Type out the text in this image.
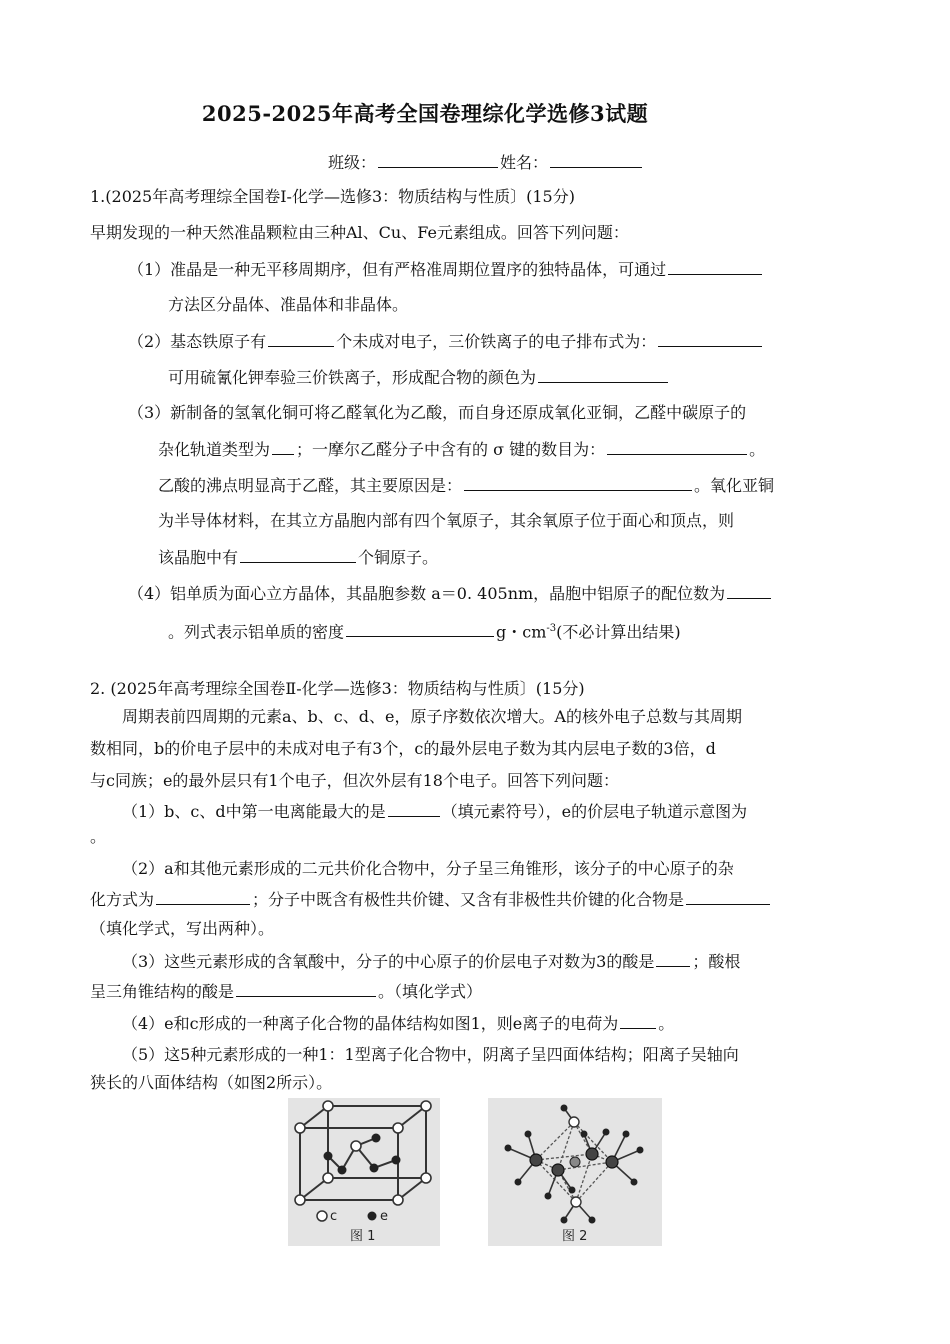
2025-2025年高考全国卷理综化学选修3试题
班级：	姓名：
1.(2025年高考理综全国卷Ⅰ-化学—选修3：物质结构与性质〕(15分)
早期发现的一种天然准晶颗粒由三种Al、Cu、Fe元素组成。回答下列问题：
（1）准晶是一种无平移周期序，但有严格准周期位置序的独特晶体，可通过
方法区分晶体、准晶体和非晶体。
（2）基态铁原子有	个未成对电子，三价铁离子的电子排布式为：
可用硫氰化钾奉验三价铁离子，形成配合物的颜色为
（3）新制备的氢氧化铜可将乙醛氧化为乙酸，而自身还原成氧化亚铜，乙醛中碳原子的
杂化轨道类型为 ；一摩尔乙醛分子中含有的 σ 键的数目为：	。
乙酸的沸点明显高于乙醛，其主要原因是：	。氧化亚铜
为半导体材料，在其立方晶胞内部有四个氧原子，其余氧原子位于面心和顶点，则
该晶胞中有	个铜原子。
（4）铝单质为面心立方晶体，其晶胞参数 a＝0. 405nm，晶胞中铝原子的配位数为
。列式表示铝单质的密度	g・$cm^{-3}$(不必计算出结果)
2. (2025年高考理综全国卷Ⅱ-化学—选修3：物质结构与性质〕(15分)
周期表前四周期的元素a、b、c、d、e，原子序数依次增大。A的核外电子总数与其周期
数相同，b的价电子层中的未成对电子有3个，c的最外层电子数为其内层电子数的3倍，d
与c同族；e的最外层只有1个电子，但次外层有18个电子。回答下列问题：
（1）b、c、d中第一电离能最大的是	（填元素符号），e的价层电子轨道示意图为
。
（2）a和其他元素形成的二元共价化合物中，分子呈三角锥形，该分子的中心原子的杂
化方式为	；分子中既含有极性共价键、又含有非极性共价键的化合物是
（填化学式，写出两种）。
（3）这些元素形成的含氧酸中，分子的中心原子的价层电子对数为3的酸是 ；酸根
呈三角锥结构的酸是	。（填化学式）
（4）e和c形成的一种离子化合物的晶体结构如图1，则e离子的电荷为	。
（5）这5种元素形成的一种1：1型离子化合物中，阴离子呈四面体结构；阳离子吴轴向
狭长的八面体结构（如图2所示）。
c	e
图 1	图 2
